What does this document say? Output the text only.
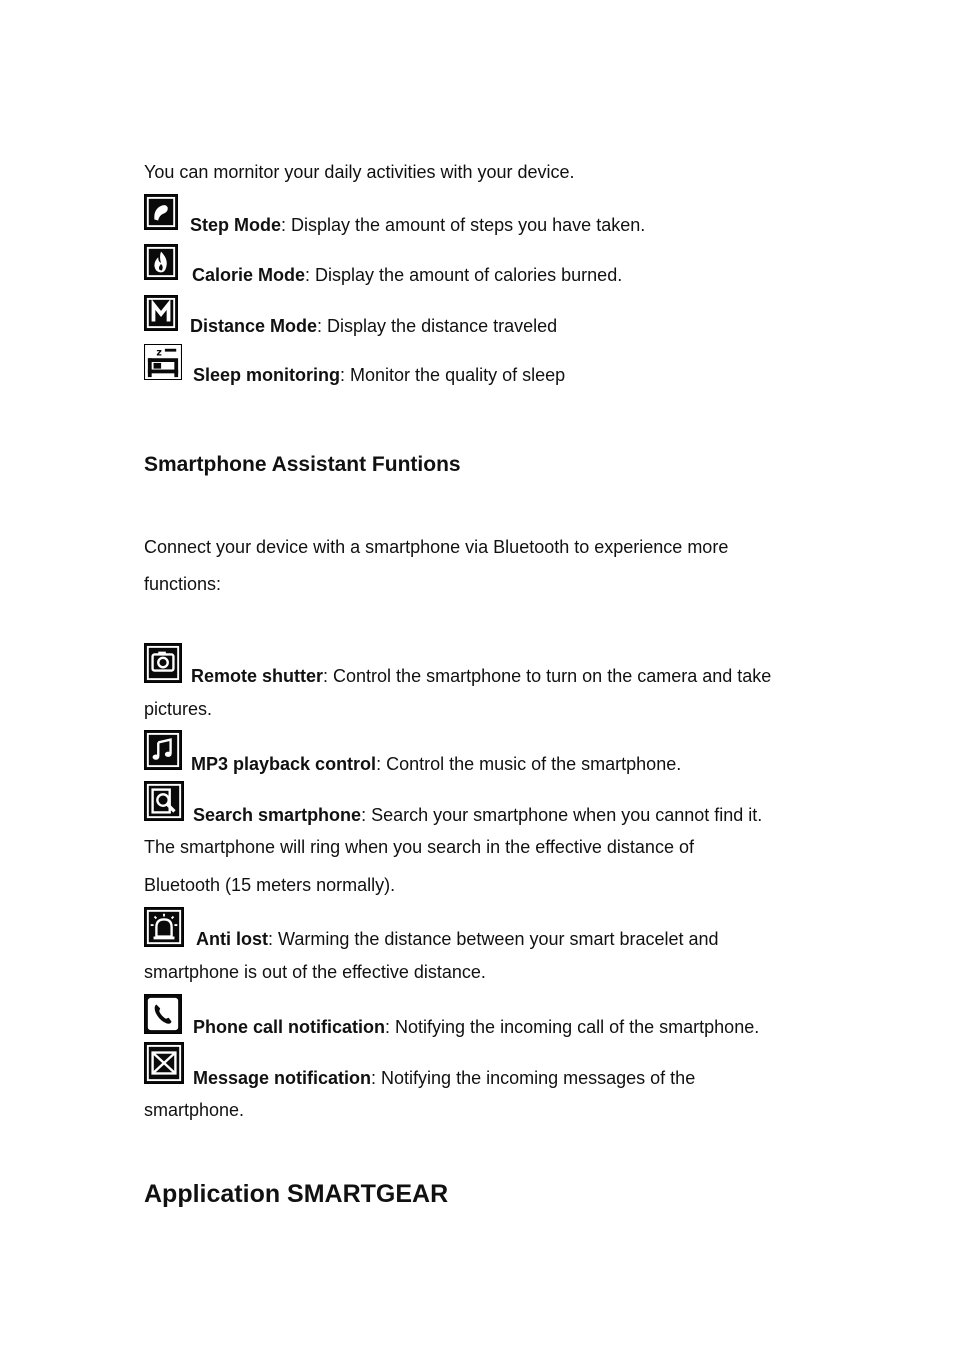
You can mornitor your daily activities with your device.
Step Mode: Display the amount of steps you have taken.
Calorie Mode: Display the amount of calories burned.
Distance Mode: Display the distance traveled
z
Sleep monitoring: Monitor the quality of sleep
Smartphone Assistant Funtions
Connect your device with a smartphone via Bluetooth to experience more
functions:
Remote shutter: Control the smartphone to turn on the camera and take
pictures.
MP3 playback control: Control the music of the smartphone.
Search smartphone: Search your smartphone when you cannot find it.
The smartphone will ring when you search in the effective distance of
Bluetooth (15 meters normally).
Anti lost: Warming the distance between your smart bracelet and
smartphone is out of the effective distance.
Phone call notification: Notifying the incoming call of the smartphone.
Message notification: Notifying the incoming messages of the
smartphone.
Application SMARTGEAR
